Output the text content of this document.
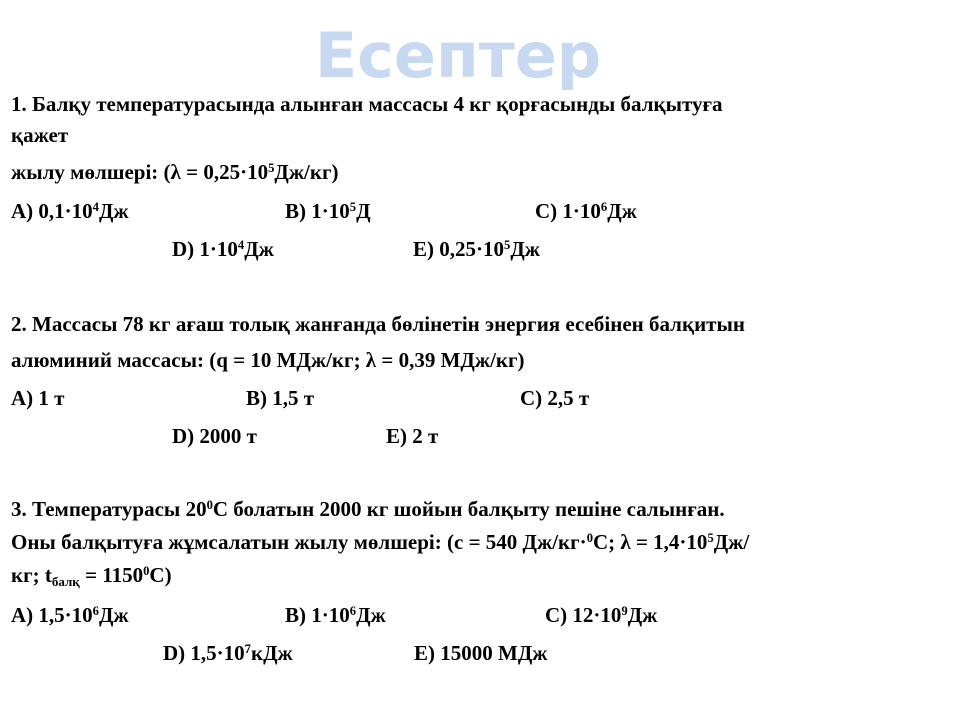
Есептер
1. Балқу температурасында алынған массасы 4 кг қорғасынды балқытуға
қажет
жылу мөлшері: $(\lambda = 0,25\cdot 10^5Дж/кг)$
А) $0,1\cdot 10^4Дж$	В) $1\cdot 10^5Д$	С) $1\cdot 10^6Дж$
D) $1\cdot 10^4Дж$	Е) $0,25\cdot 10^5Дж$
2. Массасы 78 кг ағаш толық жанғанда бөлінетін энергия есебінен балқитын
алюминий массасы: (q = 10 МДж/кг; λ = 0,39 МДж/кг)
А) 1 т	В) 1,5 т	С) 2,5 т
D) 2000 т	Е) 2 т
3. Температурасы $20^0С$ болатын 2000 кг шойын балқыту пешіне салынған.
Оны балқытуға жұмсалатын жылу мөлшері: (c = 540 Дж/кг·$^0$С; $\lambda = 1,4\cdot 10^5Дж/$
кг; $t_{балқ} = 1150^0С$)
А) $1,5\cdot 10^6Дж$	В) $1\cdot 10^6Дж$	С) $12\cdot 10^9Дж$
D) $1,5\cdot 10^7кДж$	Е) 15000 МДж
